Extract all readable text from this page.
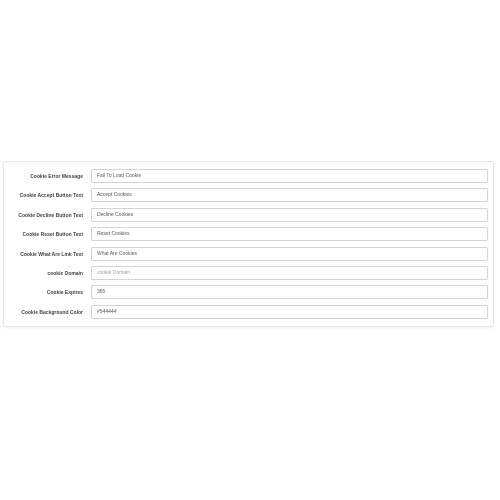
Cookie Error Message
Fail To Load Cookie
Cookie Accept Button Text
Accept Cookies
Cookie Decline Button Text
Decline Cookies
Cookie Reset Button Text
Reset Cookies
Cookie What Are Link Text
What Are Cookies
cookie Domain
cookie Domain
Cookie Expires
365
Cookie Background Color
#544444
